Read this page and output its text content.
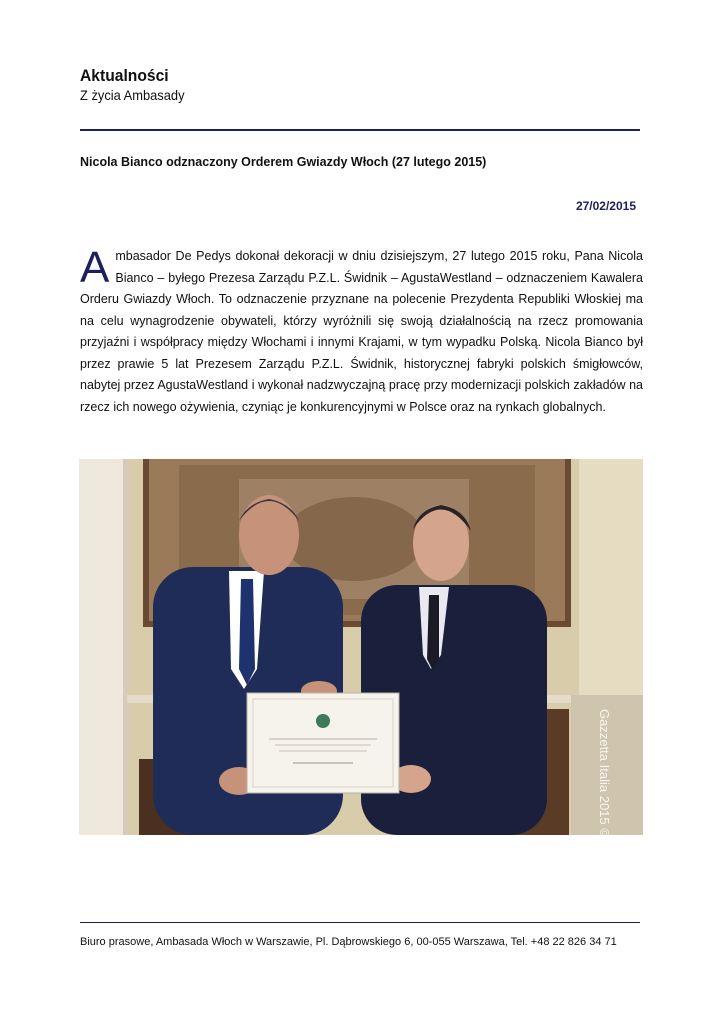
Aktualności
Z życia Ambasady
Nicola Bianco odznaczony Orderem Gwiazdy Włoch (27 lutego 2015)
27/02/2015

Ambasador De Pedys dokonał dekoracji w dniu dzisiejszym, 27 lutego 2015 roku, Pana Nicola Bianco – byłego Prezesa Zarządu P.Z.L. Świdnik – AgustaWestland – odznaczeniem Kawalera Orderu Gwiazdy Włoch. To odznaczenie przyznane na polecenie Prezydenta Republiki Włoskiej ma na celu wynagrodzenie obywateli, którzy wyróżnili się swoją działalnością na rzecz promowania przyjaźni i współpracy między Włochami i innymi Krajami, w tym wypadku Polską. Nicola Bianco był przez prawie 5 lat Prezesem Zarządu P.Z.L. Świdnik, historycznej fabryki polskich śmigłowców, nabytej przez AgustaWestland i wykonał nadzwyczajną pracę przy modernizacji polskich zakładów na rzecz ich nowego ożywienia, czyniąc je konkurencyjnymi w Polsce oraz na rynkach globalnych.

Gazzetta Italia 2015 ©
Biuro prasowe, Ambasada Włoch w Warszawie, Pl. Dąbrowskiego 6, 00-055 Warszawa, Tel. +48 22 826 34 71
